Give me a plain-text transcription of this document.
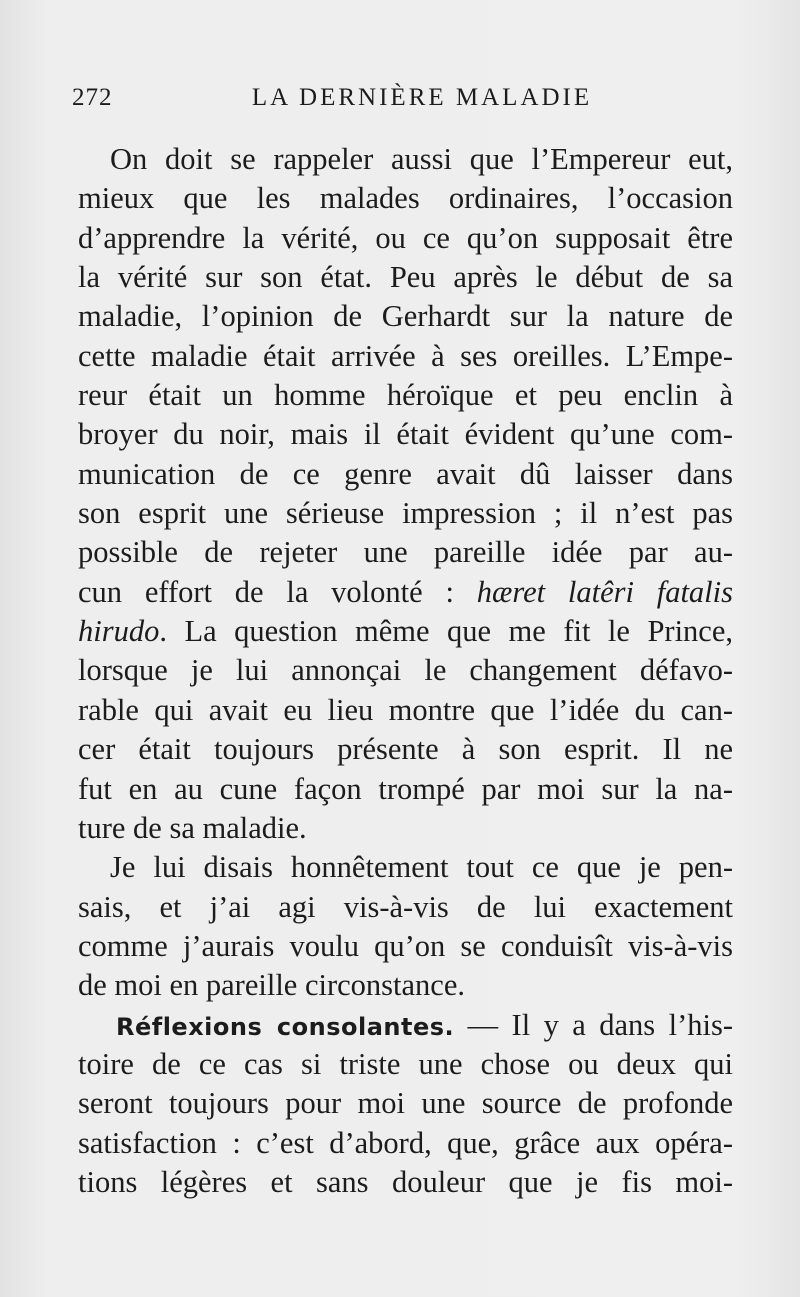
272	LA DERNIÈRE MALADIE
On doit se rappeler aussi que l’Empereur eut,
mieux que les malades ordinaires, l’occasion
d’apprendre la vérité, ou ce qu’on supposait être
la vérité sur son état. Peu après le début de sa
maladie, l’opinion de Gerhardt sur la nature de
cette maladie était arrivée à ses oreilles. L’Empe-
reur était un homme héroïque et peu enclin à
broyer du noir, mais il était évident qu’une com-
munication de ce genre avait dû laisser dans
son esprit une sérieuse impression ; il n’est pas
possible de rejeter une pareille idée par au-
cun effort de la volonté : hæret latêri fatalis
hirudo. La question même que me fit le Prince,
lorsque je lui annonçai le changement défavo-
rable qui avait eu lieu montre que l’idée du can-
cer était toujours présente à son esprit. Il ne
fut en au cune façon trompé par moi sur la na-
ture de sa maladie.
Je lui disais honnêtement tout ce que je pen-
sais, et j’ai agi vis-à-vis de lui exactement
comme j’aurais voulu qu’on se conduisît vis-à-vis
de moi en pareille circonstance.
Réflexions consolantes. — Il y a dans l’his-
toire de ce cas si triste une chose ou deux qui
seront toujours pour moi une source de profonde
satisfaction : c’est d’abord, que, grâce aux opéra-
tions légères et sans douleur que je fis moi-
